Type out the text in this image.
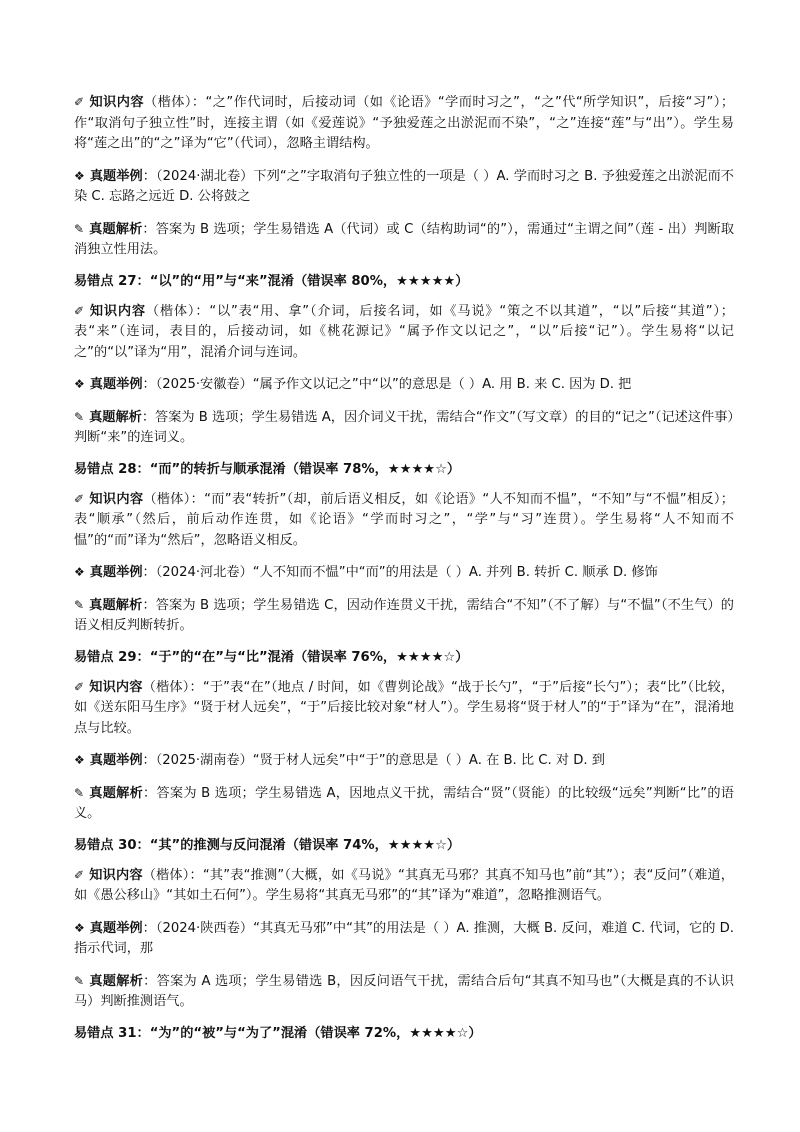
✐ 知识内容（楷体）：“之”作代词时，后接动词（如《论语》“学而时习之”，“之”代“所学知识”，后接“习”）；作“取消句子独立性”时，连接主谓（如《爱莲说》“予独爱莲之出淤泥而不染”，“之”连接“莲”与“出”）。学生易将“莲之出”的“之”译为“它”（代词），忽略主谓结构。
❖ 真题举例：（2024·湖北卷）下列“之”字取消句子独立性的一项是（ ）A. 学而时习之 B. 予独爱莲之出淤泥而不染 C. 忘路之远近 D. 公将鼓之
✎ 真题解析：答案为 B 选项；学生易错选 A（代词）或 C（结构助词“的”），需通过“主谓之间”（莲 - 出）判断取消独立性用法。
易错点 27：“以”的“用”与“来”混淆（错误率 80%，★★★★★）
✐ 知识内容（楷体）：“以”表“用、拿”（介词，后接名词，如《马说》“策之不以其道”，“以”后接“其道”）；表“来”（连词，表目的，后接动词，如《桃花源记》“属予作文以记之”，“以”后接“记”）。学生易将“以记之”的“以”译为“用”，混淆介词与连词。
❖ 真题举例：（2025·安徽卷）“属予作文以记之”中“以”的意思是（ ）A. 用 B. 来 C. 因为 D. 把
✎ 真题解析：答案为 B 选项；学生易错选 A，因介词义干扰，需结合“作文”（写文章）的目的“记之”（记述这件事）判断“来”的连词义。
易错点 28：“而”的转折与顺承混淆（错误率 78%，★★★★☆）
✐ 知识内容（楷体）：“而”表“转折”（却，前后语义相反，如《论语》“人不知而不愠”，“不知”与“不愠”相反）；表“顺承”（然后，前后动作连贯，如《论语》“学而时习之”，“学”与“习”连贯）。学生易将“人不知而不愠”的“而”译为“然后”，忽略语义相反。
❖ 真题举例：（2024·河北卷）“人不知而不愠”中“而”的用法是（ ）A. 并列 B. 转折 C. 顺承 D. 修饰
✎ 真题解析：答案为 B 选项；学生易错选 C，因动作连贯义干扰，需结合“不知”（不了解）与“不愠”（不生气）的语义相反判断转折。
易错点 29：“于”的“在”与“比”混淆（错误率 76%，★★★★☆）
✐ 知识内容（楷体）：“于”表“在”（地点 / 时间，如《曹刿论战》“战于长勺”，“于”后接“长勺”）；表“比”（比较，如《送东阳马生序》“贤于材人远矣”，“于”后接比较对象“材人”）。学生易将“贤于材人”的“于”译为“在”，混淆地点与比较。
❖ 真题举例：（2025·湖南卷）“贤于材人远矣”中“于”的意思是（ ）A. 在 B. 比 C. 对 D. 到
✎ 真题解析：答案为 B 选项；学生易错选 A，因地点义干扰，需结合“贤”（贤能）的比较级“远矣”判断“比”的语义。
易错点 30：“其”的推测与反问混淆（错误率 74%，★★★★☆）
✐ 知识内容（楷体）：“其”表“推测”（大概，如《马说》“其真无马邪？其真不知马也”前“其”）；表“反问”（难道，如《愚公移山》“其如土石何”）。学生易将“其真无马邪”的“其”译为“难道”，忽略推测语气。
❖ 真题举例：（2024·陕西卷）“其真无马邪”中“其”的用法是（ ）A. 推测，大概 B. 反问，难道 C. 代词，它的 D. 指示代词，那
✎ 真题解析：答案为 A 选项；学生易错选 B，因反问语气干扰，需结合后句“其真不知马也”（大概是真的不认识马）判断推测语气。
易错点 31：“为”的“被”与“为了”混淆（错误率 72%，★★★★☆）
